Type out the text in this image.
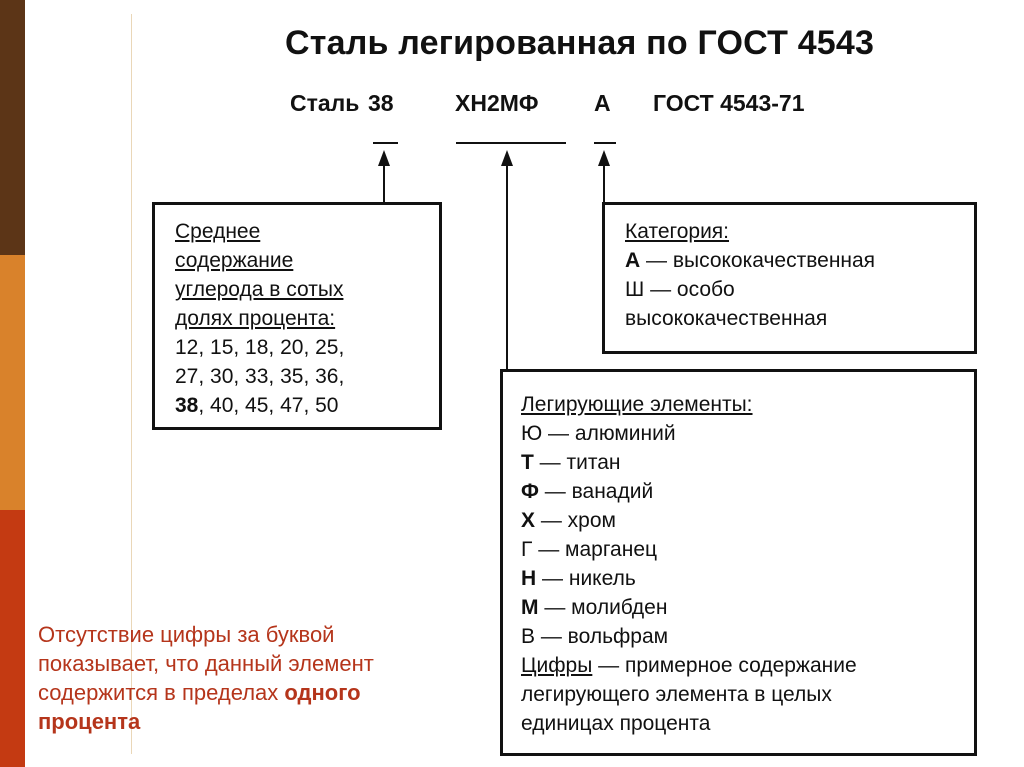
Сталь легированная по ГОСТ 4543
Сталь 38	ХН2МФ А ГОСТ 4543-71
Среднее
содержание
углерода в сотых
долях процента:
12, 15, 18, 20, 25,
27, 30, 33, 35, 36,
38, 40, 45, 47, 50
Категория:
А — высококачественная
Ш — особо
высококачественная
Легирующие элементы:
Ю — алюминий
Т — титан
Ф — ванадий
Х — хром
Г — марганец
Н — никель
М — молибден
В — вольфрам
Цифры — примерное содержание
легирующего элемента в целых
единицах процента
Отсутствие цифры за буквой показывает, что данный элемент содержится в пределах одного процента
